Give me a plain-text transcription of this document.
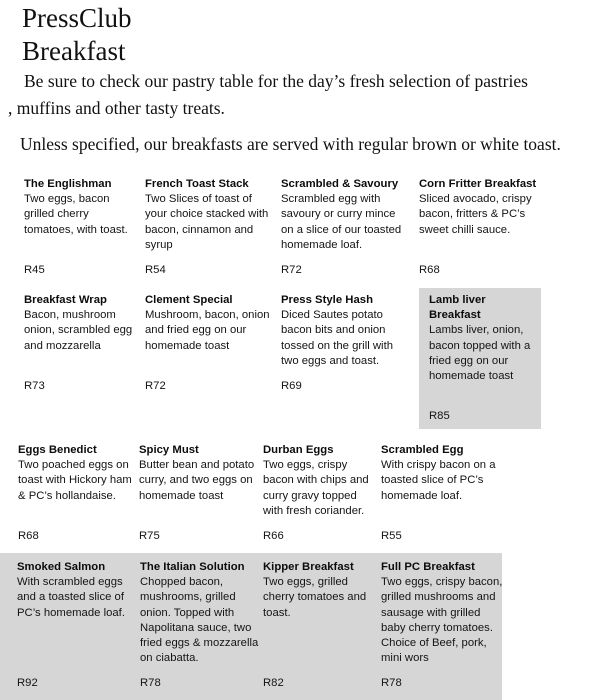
PressClub
Breakfast

Be sure to check our pastry table for the day’s fresh selection of pastries

, muffins and other tasty treats.

Unless specified, our breakfasts are served with regular brown or white toast.

The Englishman

Two eggs, bacon grilled cherry tomatoes, with toast.

R45

French Toast Stack

Two Slices of toast of your choice stacked with bacon, cinnamon and syrup

R54

Scrambled & Savoury

Scrambled egg with savoury or curry mince on a slice of our toasted homemade loaf.

R72

Corn Fritter Breakfast

Sliced avocado, crispy bacon, fritters & PC’s sweet chilli sauce.

R68

Breakfast Wrap

Bacon, mushroom onion, scrambled egg and mozzarella

R73

Clement Special

Mushroom, bacon, onion and fried egg on our homemade toast

R72

Press Style Hash

Diced Sautes potato bacon bits and onion tossed on the grill with two eggs and toast.

R69

Lamb liver Breakfast

Lambs liver, onion, bacon topped with a fried egg on our homemade toast

R85

Eggs Benedict

Two poached eggs on toast with Hickory ham & PC’s hollandaise.

R68

Spicy Must

Butter bean and potato curry, and two eggs on homemade toast

R75

Durban Eggs

Two eggs, crispy bacon with chips and curry gravy topped with fresh coriander.

R66

Scrambled Egg

With crispy bacon on a toasted slice of PC’s homemade loaf.

R55

Smoked Salmon

With scrambled eggs and a toasted slice of PC’s homemade loaf.

R92

The Italian Solution

Chopped bacon, mushrooms, grilled onion. Topped with Napolitana sauce, two fried eggs & mozzarella on ciabatta.

R78

Kipper Breakfast

Two eggs, grilled cherry tomatoes and toast.

R82

Full PC Breakfast

Two eggs, crispy bacon, grilled mushrooms and sausage with grilled baby cherry tomatoes. Choice of Beef, pork, mini wors

R78
